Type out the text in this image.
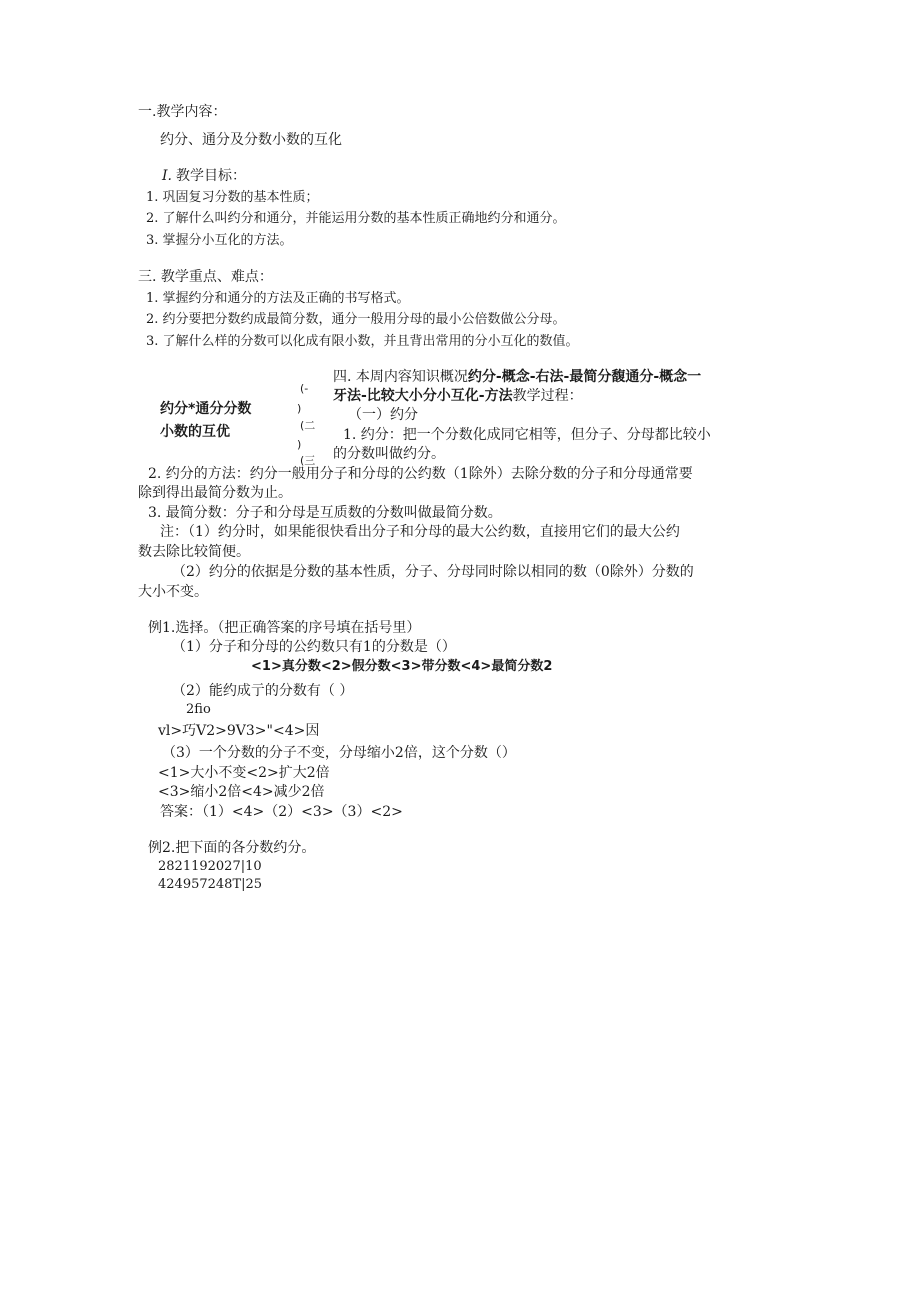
一.教学内容：
约分、通分及分数小数的互化
I. 教学目标：
1. 巩固复习分数的基本性质；
2. 了解什么叫约分和通分，并能运用分数的基本性质正确地约分和通分。
3. 掌握分小互化的方法。
三. 教学重点、难点：
1. 掌握约分和通分的方法及正确的书写格式。
2. 约分要把分数约成最简分数，通分一般用分母的最小公倍数做公分母。
3. 了解什么样的分数可以化成有限小数，并且背出常用的分小互化的数值。
约分*通分分数
小数的互优
(-
)
(二
)
(三
四. 本周内容知识概况约分-概念-右法-最简分馥通分-概念一
牙法-比较大小分小互化-方法教学过程：
（一）约分
1. 约分：把一个分数化成同它相等，但分子、分母都比较小
的分数叫做约分。
2. 约分的方法：约分一般用分子和分母的公约数（1除外）去除分数的分子和分母通常要
除到得出最简分数为止。
3. 最简分数：分子和分母是互质数的分数叫做最简分数。
注：（1）约分时，如果能很快看出分子和分母的最大公约数，直接用它们的最大公约
数去除比较简便。
（2）约分的依据是分数的基本性质，分子、分母同时除以相同的数（0除外）分数的
大小不变。
例1.选择。（把正确答案的序号填在括号里）
（1）分子和分母的公约数只有1的分数是（）
<1>真分数<2>假分数<3>带分数<4>最简分数2
（2）能约成亍的分数有（ ）
2fio
vl>巧V2>9V3>"<4>因
（3）一个分数的分子不变，分母缩小2倍，这个分数（）
<1>大小不变<2>扩大2倍
<3>缩小2倍<4>减少2倍
答案：（1）<4>（2）<3>（3）<2>
例2.把下面的各分数约分。
2821192027|10
424957248T|25
